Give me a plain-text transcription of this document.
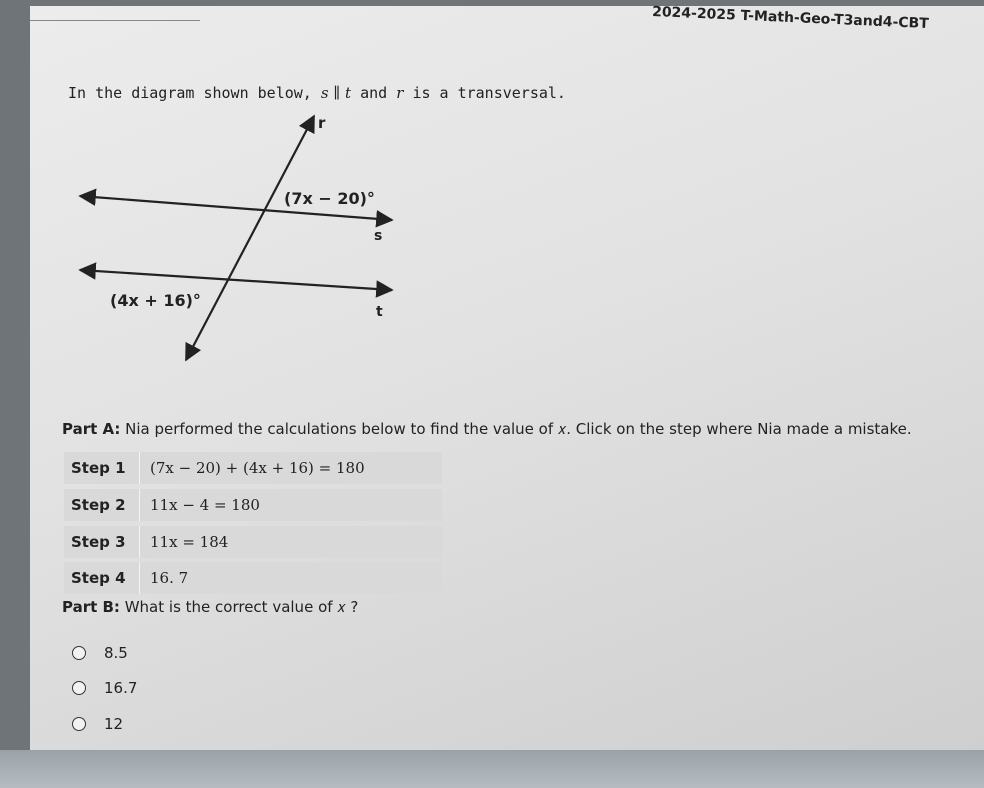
2024-2025 T-Math-Geo-T3and4-CBT
In the diagram shown below, s ∥ t and r is a transversal.
r
s
t
(7x − 20)°
(4x + 16)°
Part A: Nia performed the calculations below to find the value of 𝑥. Click on the step where Nia made a mistake.
Step 1	(7x − 20) + (4x + 16) = 180
Step 2	11x − 4 = 180
Step 3	11x = 184
Step 4	16. 7
Part B: What is the correct value of 𝑥 ?
8.5
16.7
12
